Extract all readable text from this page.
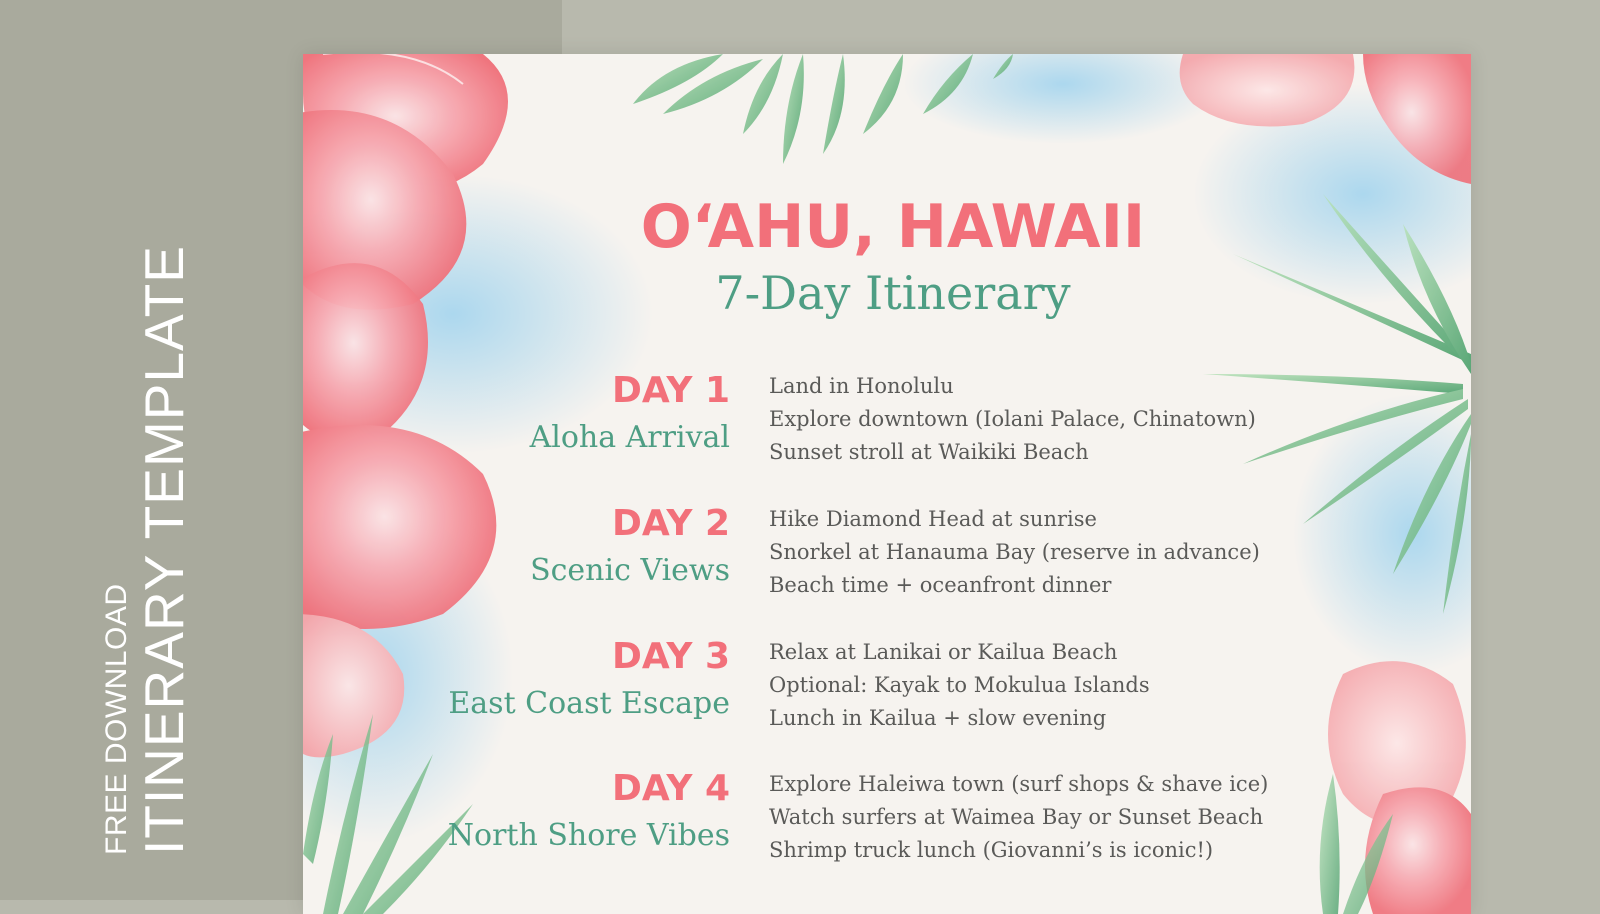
FREE DOWNLOAD ITINERARY TEMPLATE
O‘AHU, HAWAII
7-Day Itinerary
DAY 1
Aloha Arrival
Land in Honolulu
Explore downtown (Iolani Palace, Chinatown)
Sunset stroll at Waikiki Beach
DAY 2
Scenic Views
Hike Diamond Head at sunrise
Snorkel at Hanauma Bay (reserve in advance)
Beach time + oceanfront dinner
DAY 3
East Coast Escape
Relax at Lanikai or Kailua Beach
Optional: Kayak to Mokulua Islands
Lunch in Kailua + slow evening
DAY 4
North Shore Vibes
Explore Haleiwa town (surf shops & shave ice)
Watch surfers at Waimea Bay or Sunset Beach
Shrimp truck lunch (Giovanni’s is iconic!)
